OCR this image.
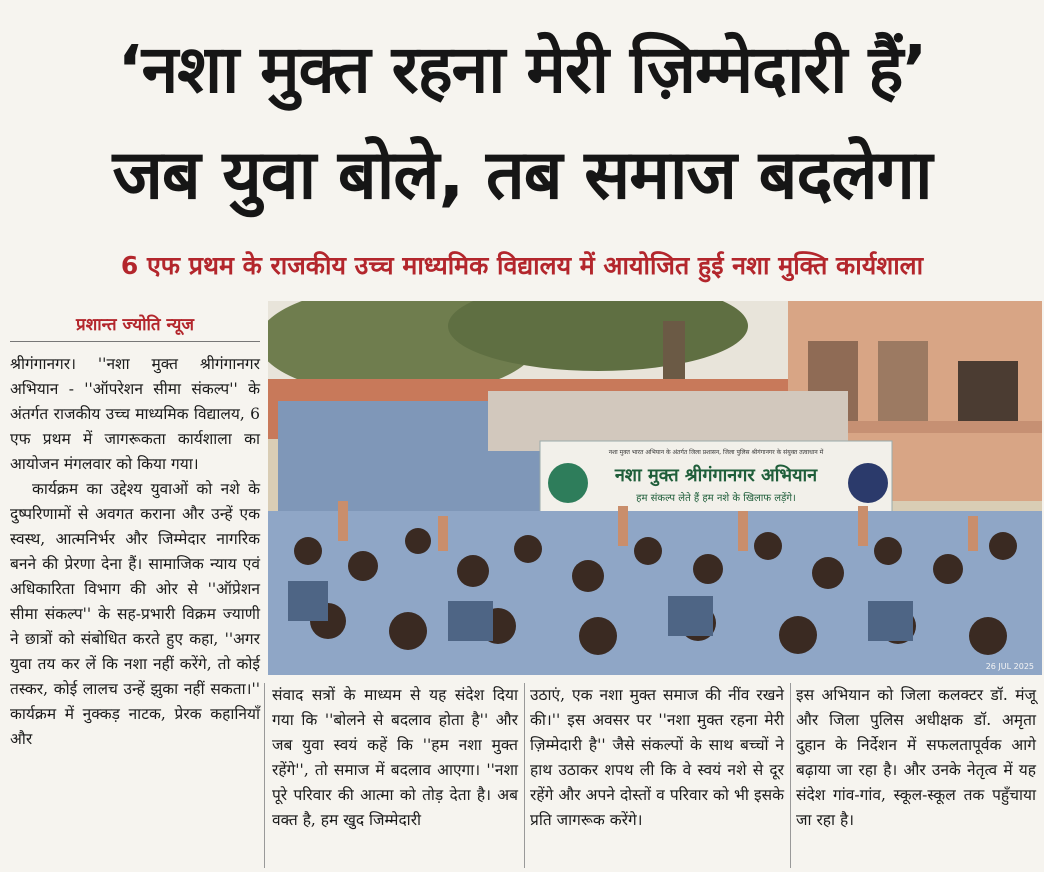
‘नशा मुक्त रहना मेरी ज़िम्मेदारी हैं’
जब युवा बोले, तब समाज बदलेगा
6 एफ प्रथम के राजकीय उच्च माध्यमिक विद्यालय में आयोजित हुई नशा मुक्ति कार्यशाला
प्रशान्त ज्योति न्यूज
नशा मुक्त भारत अभियान के अंतर्गत जिला प्रशासन, जिला पुलिस श्रीगंगानगर के संयुक्त तत्वाधान में
नशा मुक्त श्रीगंगानगर अभियान
हम संकल्प लेते हैं हम नशे के खिलाफ लड़ेंगे।
26 JUL 2025

श्रीगंगानगर। ''नशा मुक्त श्रीगंगानगर अभियान - ''ऑपरेशन सीमा संकल्प'' के अंतर्गत राजकीय उच्च माध्यमिक विद्यालय, 6 एफ प्रथम में जागरूकता कार्यशाला का आयोजन मंगलवार को किया गया।

कार्यक्रम का उद्देश्य युवाओं को नशे के दुष्परिणामों से अवगत कराना और उन्हें एक स्वस्थ, आत्मनिर्भर और जिम्मेदार नागरिक बनने की प्रेरणा देना हैं। सामाजिक न्याय एवं अधिकारिता विभाग की ओर से ''ऑप्रेशन सीमा संकल्प'' के सह-प्रभारी विक्रम ज्याणी ने छात्रों को संबोधित करते हुए कहा, ''अगर युवा तय कर लें कि नशा नहीं करेंगे, तो कोई तस्कर, कोई लालच उन्हें झुका नहीं सकता।'' कार्यक्रम में नुक्कड़ नाटक, प्रेरक कहानियाँ और

संवाद सत्रों के माध्यम से यह संदेश दिया गया कि ''बोलने से बदलाव होता है'' और जब युवा स्वयं कहें कि ''हम नशा मुक्त रहेंगे'', तो समाज में बदलाव आएगा। ''नशा पूरे परिवार की आत्मा को तोड़ देता है। अब वक्त है, हम खुद जिम्मेदारी

उठाएं, एक नशा मुक्त समाज की नींव रखने की।'' इस अवसर पर ''नशा मुक्त रहना मेरी ज़िम्मेदारी है'' जैसे संकल्पों के साथ बच्चों ने हाथ उठाकर शपथ ली कि वे स्वयं नशे से दूर रहेंगे और अपने दोस्तों व परिवार को भी इसके प्रति जागरूक करेंगे।

इस अभियान को जिला कलक्टर डॉ. मंजू और जिला पुलिस अधीक्षक डॉ. अमृता दुहान के निर्देशन में सफलतापूर्वक आगे बढ़ाया जा रहा है। और उनके नेतृत्व में यह संदेश गांव-गांव, स्कूल-स्कूल तक पहुँचाया जा रहा है।
